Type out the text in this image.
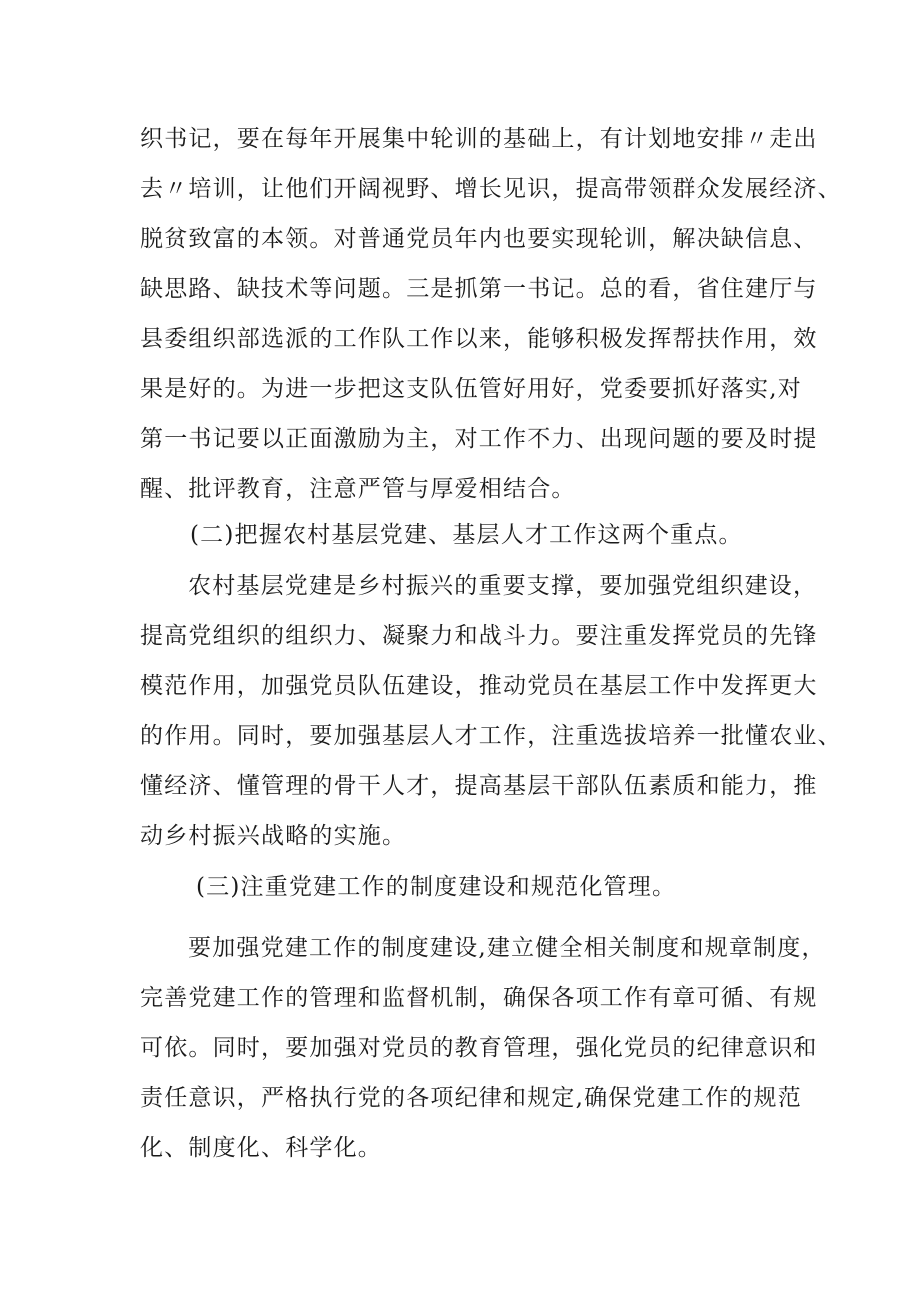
织书记，要在每年开展集中轮训的基础上，有计划地安排〃走出
去〃培训，让他们开阔视野、增长见识，提高带领群众发展经济、
脱贫致富的本领。对普通党员年内也要实现轮训，解决缺信息、
缺思路、缺技术等问题。三是抓第一书记。总的看，省住建厅与
县委组织部选派的工作队工作以来，能够积极发挥帮扶作用，效
果是好的。为进一步把这支队伍管好用好，党委要抓好落实,对
第一书记要以正面激励为主，对工作不力、出现问题的要及时提
醒、批评教育，注意严管与厚爱相结合。
(二)把握农村基层党建、基层人才工作这两个重点。
农村基层党建是乡村振兴的重要支撑，要加强党组织建设，
提高党组织的组织力、凝聚力和战斗力。要注重发挥党员的先锋
模范作用，加强党员队伍建设，推动党员在基层工作中发挥更大
的作用。同时，要加强基层人才工作，注重选拔培养一批懂农业、
懂经济、懂管理的骨干人才，提高基层干部队伍素质和能力，推
动乡村振兴战略的实施。
(三)注重党建工作的制度建设和规范化管理。
要加强党建工作的制度建设,建立健全相关制度和规章制度，
完善党建工作的管理和监督机制，确保各项工作有章可循、有规
可依。同时，要加强对党员的教育管理，强化党员的纪律意识和
责任意识，严格执行党的各项纪律和规定,确保党建工作的规范
化、制度化、科学化。
